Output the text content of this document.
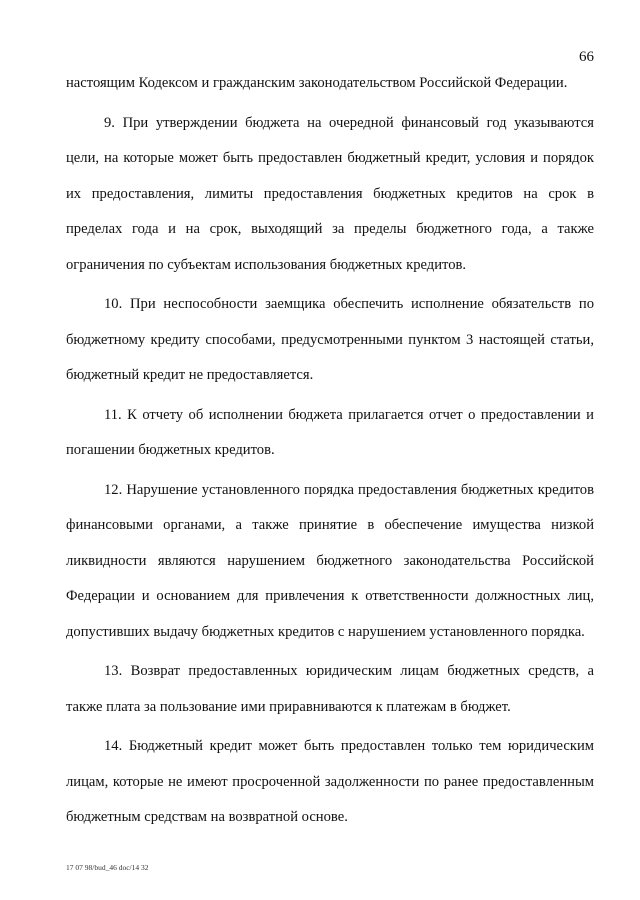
66

настоящим Кодексом и гражданским законодательством Российской Федерации.

9. При утверждении бюджета на очередной финансовый год указываются цели, на которые может быть предоставлен бюджетный кредит, условия и порядок их предоставления, лимиты предоставления бюджетных кредитов на срок в пределах года и на срок, выходящий за пределы бюджетного года, а также ограничения по субъектам использования бюджетных кредитов.

10. При неспособности заемщика обеспечить исполнение обязательств по бюджетному кредиту способами, предусмотренными пунктом 3 настоящей статьи, бюджетный кредит не предоставляется.

11. К отчету об исполнении бюджета прилагается отчет о предоставлении и погашении бюджетных кредитов.

12. Нарушение установленного порядка предоставления бюджетных кредитов финансовыми органами, а также принятие в обеспечение имущества низкой ликвидности являются нарушением бюджетного законодательства Российской Федерации и основанием для привлечения к ответственности должностных лиц, допустивших выдачу бюджетных кредитов с нарушением установленного порядка.

13. Возврат предоставленных юридическим лицам бюджетных средств, а также плата за пользование ими приравниваются к платежам в бюджет.

14. Бюджетный кредит может быть предоставлен только тем юридическим лицам, которые не имеют просроченной задолженности по ранее предоставленным бюджетным средствам на возвратной основе.

17 07 98/bud_46 doc/14 32
